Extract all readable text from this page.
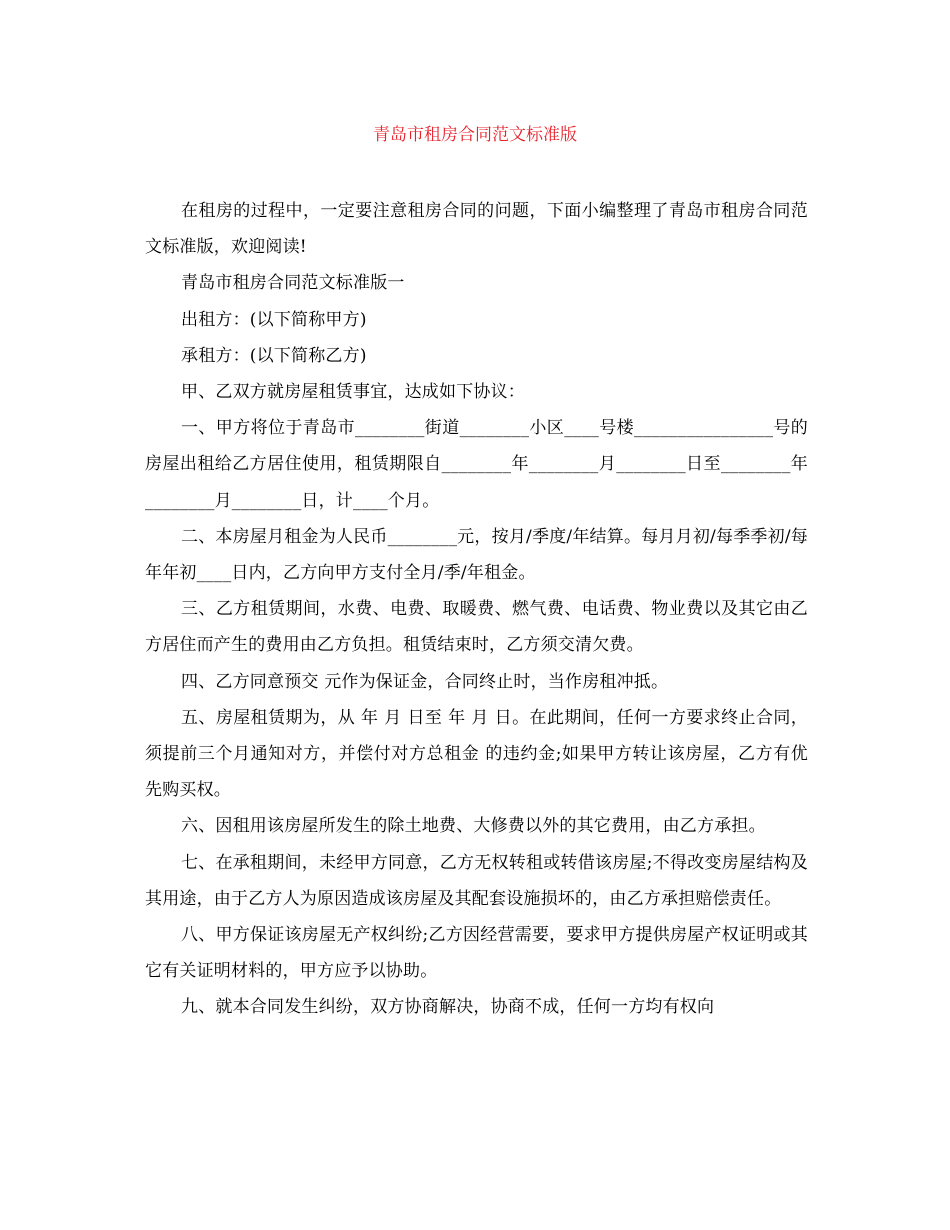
青岛市租房合同范文标准版

在租房的过程中，一定要注意租房合同的问题，下面小编整理了青岛市租房合同范文标准版，欢迎阅读!

青岛市租房合同范文标准版一

出租方：(以下简称甲方)

承租方：(以下简称乙方)

甲、乙双方就房屋租赁事宜，达成如下协议：

一、甲方将位于青岛市________街道________小区____号楼________________号的房屋出租给乙方居住使用，租赁期限自________年________月________日至________年________月________日，计____个月。

二、本房屋月租金为人民币________元，按月/季度/年结算。每月月初/每季季初/每年年初____日内，乙方向甲方支付全月/季/年租金。

三、乙方租赁期间，水费、电费、取暖费、燃气费、电话费、物业费以及其它由乙方居住而产生的费用由乙方负担。租赁结束时，乙方须交清欠费。

四、乙方同意预交 元作为保证金，合同终止时，当作房租冲抵。

五、房屋租赁期为，从 年 月 日至 年 月 日。在此期间，任何一方要求终止合同，须提前三个月通知对方，并偿付对方总租金 的违约金;如果甲方转让该房屋，乙方有优先购买权。

六、因租用该房屋所发生的除土地费、大修费以外的其它费用，由乙方承担。

七、在承租期间，未经甲方同意，乙方无权转租或转借该房屋;不得改变房屋结构及其用途，由于乙方人为原因造成该房屋及其配套设施损坏的，由乙方承担赔偿责任。

八、甲方保证该房屋无产权纠纷;乙方因经营需要，要求甲方提供房屋产权证明或其它有关证明材料的，甲方应予以协助。

九、就本合同发生纠纷，双方协商解决，协商不成，任何一方均有权向
